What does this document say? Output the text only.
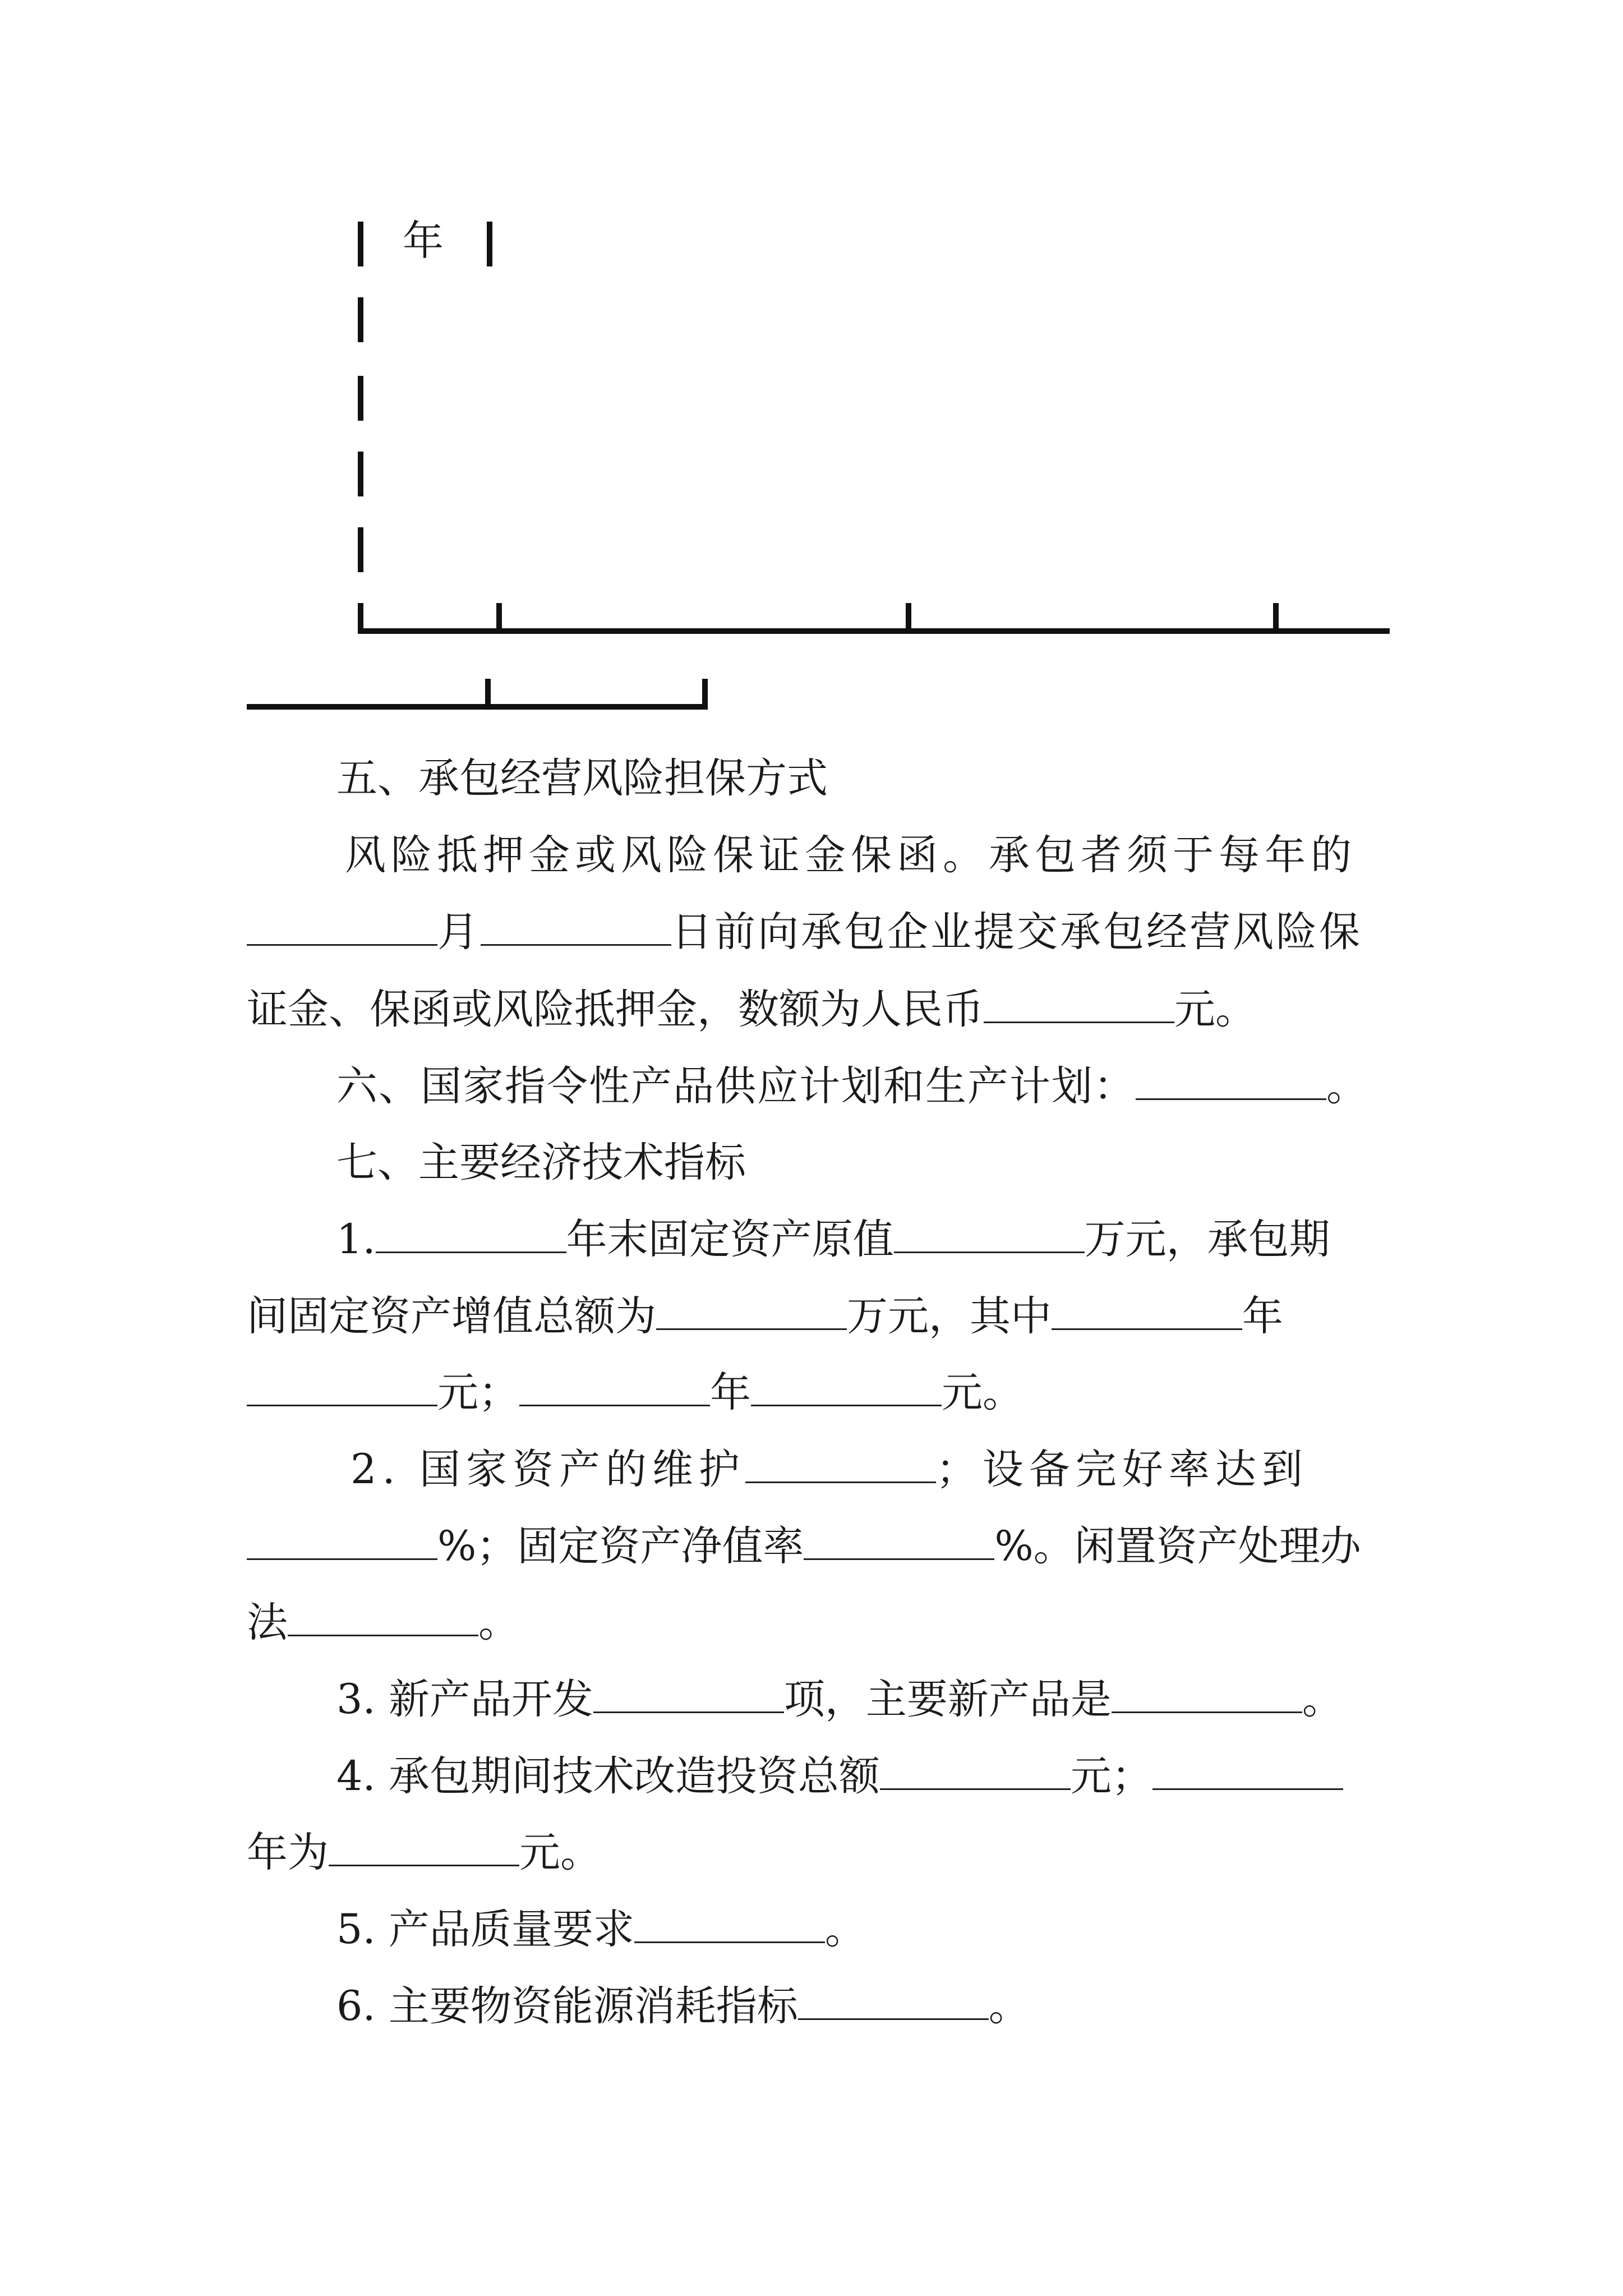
年
五、承包经营风险担保方式
风险抵押金或风险保证金保函。承包者须于每年的
月	日前向承包企业提交承包经营风险保
证金、保函或风险抵押金，数额为人民币	元。
六、国家指令性产品供应计划和生产计划：	。
七、主要经济技术指标
1.	年末固定资产原值	万元，承包期
间固定资产增值总额为	万元，其中	年
元；	年	元。
2. 国家资产的维护	；设备完好率达到
%；固定资产净值率	%。闲置资产处理办
法	。
3. 新产品开发	项，主要新产品是	。
4. 承包期间技术改造投资总额	元；
年为	元。
5. 产品质量要求	。
6. 主要物资能源消耗指标	。
